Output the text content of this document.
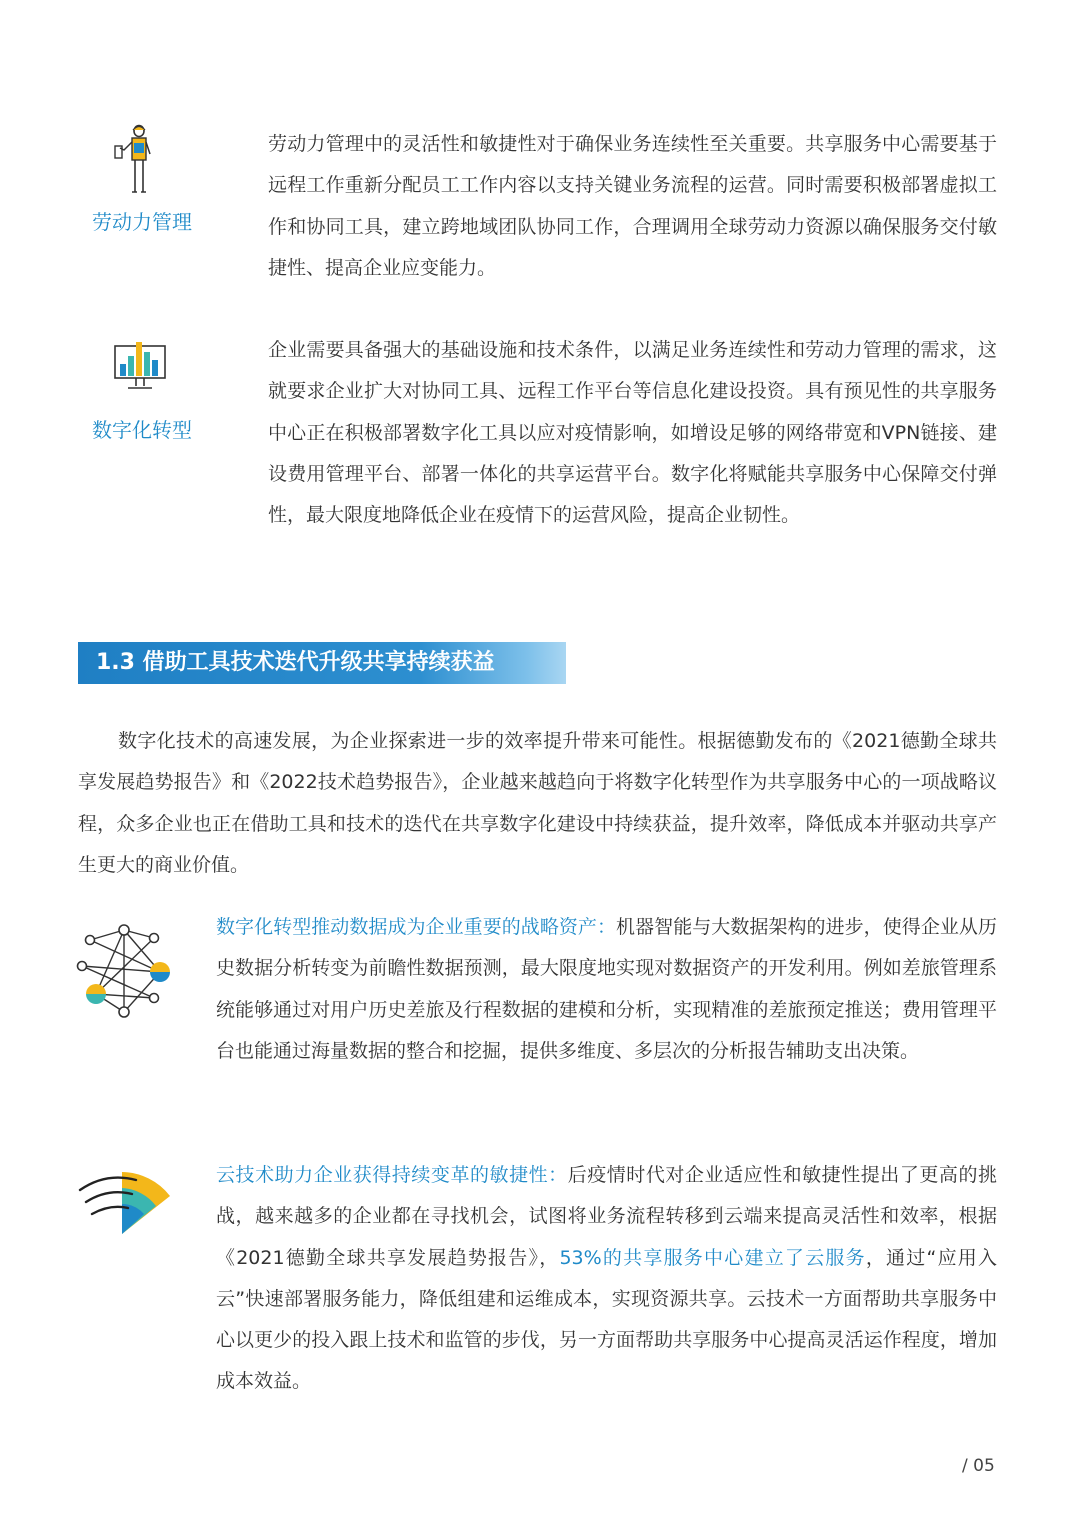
劳动力管理

劳动力管理中的灵活性和敏捷性对于确保业务连续性至关重要。共享服务中心需要基于远程工作重新分配员工工作内容以支持关键业务流程的运营。同时需要积极部署虚拟工作和协同工具，建立跨地域团队协同工作，合理调用全球劳动力资源以确保服务交付敏捷性、提高企业应变能力。

数字化转型

企业需要具备强大的基础设施和技术条件，以满足业务连续性和劳动力管理的需求，这就要求企业扩大对协同工具、远程工作平台等信息化建设投资。具有预见性的共享服务中心正在积极部署数字化工具以应对疫情影响，如增设足够的网络带宽和VPN链接、建设费用管理平台、部署一体化的共享运营平台。数字化将赋能共享服务中心保障交付弹性，最大限度地降低企业在疫情下的运营风险，提高企业韧性。

1.3 借助工具技术迭代升级共享持续获益

数字化技术的高速发展，为企业探索进一步的效率提升带来可能性。根据德勤发布的《2021德勤全球共享发展趋势报告》和《2022技术趋势报告》，企业越来越趋向于将数字化转型作为共享服务中心的一项战略议程，众多企业也正在借助工具和技术的迭代在共享数字化建设中持续获益，提升效率，降低成本并驱动共享产生更大的商业价值。

数字化转型推动数据成为企业重要的战略资产：机器智能与大数据架构的进步，使得企业从历史数据分析转变为前瞻性数据预测，最大限度地实现对数据资产的开发利用。例如差旅管理系统能够通过对用户历史差旅及行程数据的建模和分析，实现精准的差旅预定推送；费用管理平台也能通过海量数据的整合和挖掘，提供多维度、多层次的分析报告辅助支出决策。

云技术助力企业获得持续变革的敏捷性：后疫情时代对企业适应性和敏捷性提出了更高的挑战，越来越多的企业都在寻找机会，试图将业务流程转移到云端来提高灵活性和效率，根据《2021德勤全球共享发展趋势报告》，53%的共享服务中心建立了云服务，通过“应用入云”快速部署服务能力，降低组建和运维成本，实现资源共享。云技术一方面帮助共享服务中心以更少的投入跟上技术和监管的步伐，另一方面帮助共享服务中心提高灵活运作程度，增加成本效益。

/ 05
